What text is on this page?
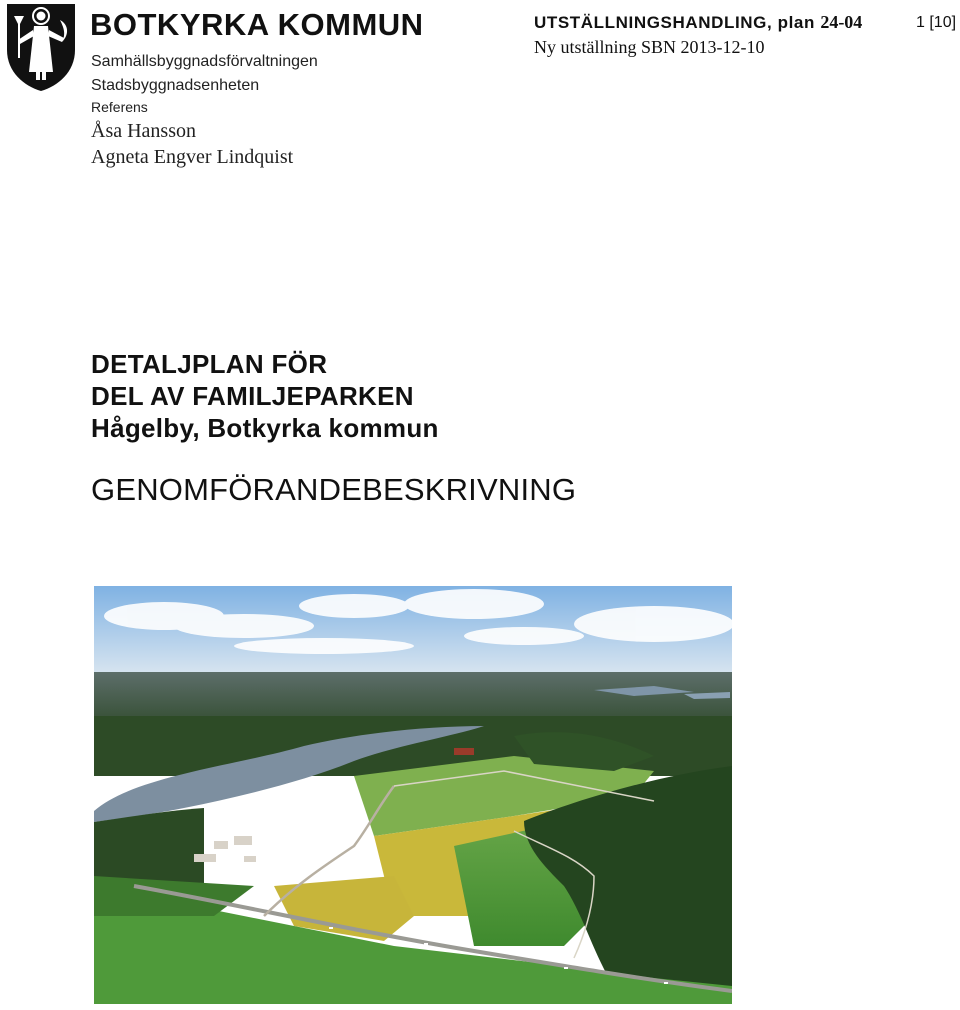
BOTKYRKA KOMMUN
Samhällsbyggnadsförvaltningen
Stadsbyggnadsenheten
Referens
Åsa Hansson
Agneta Engver Lindquist
UTSTÄLLNINGSHANDLING, plan 24-04
Ny utställning SBN 2013-12-10
1 [10]
DETALJPLAN FÖR
DEL AV FAMILJEPARKEN
Hågelby, Botkyrka kommun
GENOMFÖRANDEBESKRIVNING
